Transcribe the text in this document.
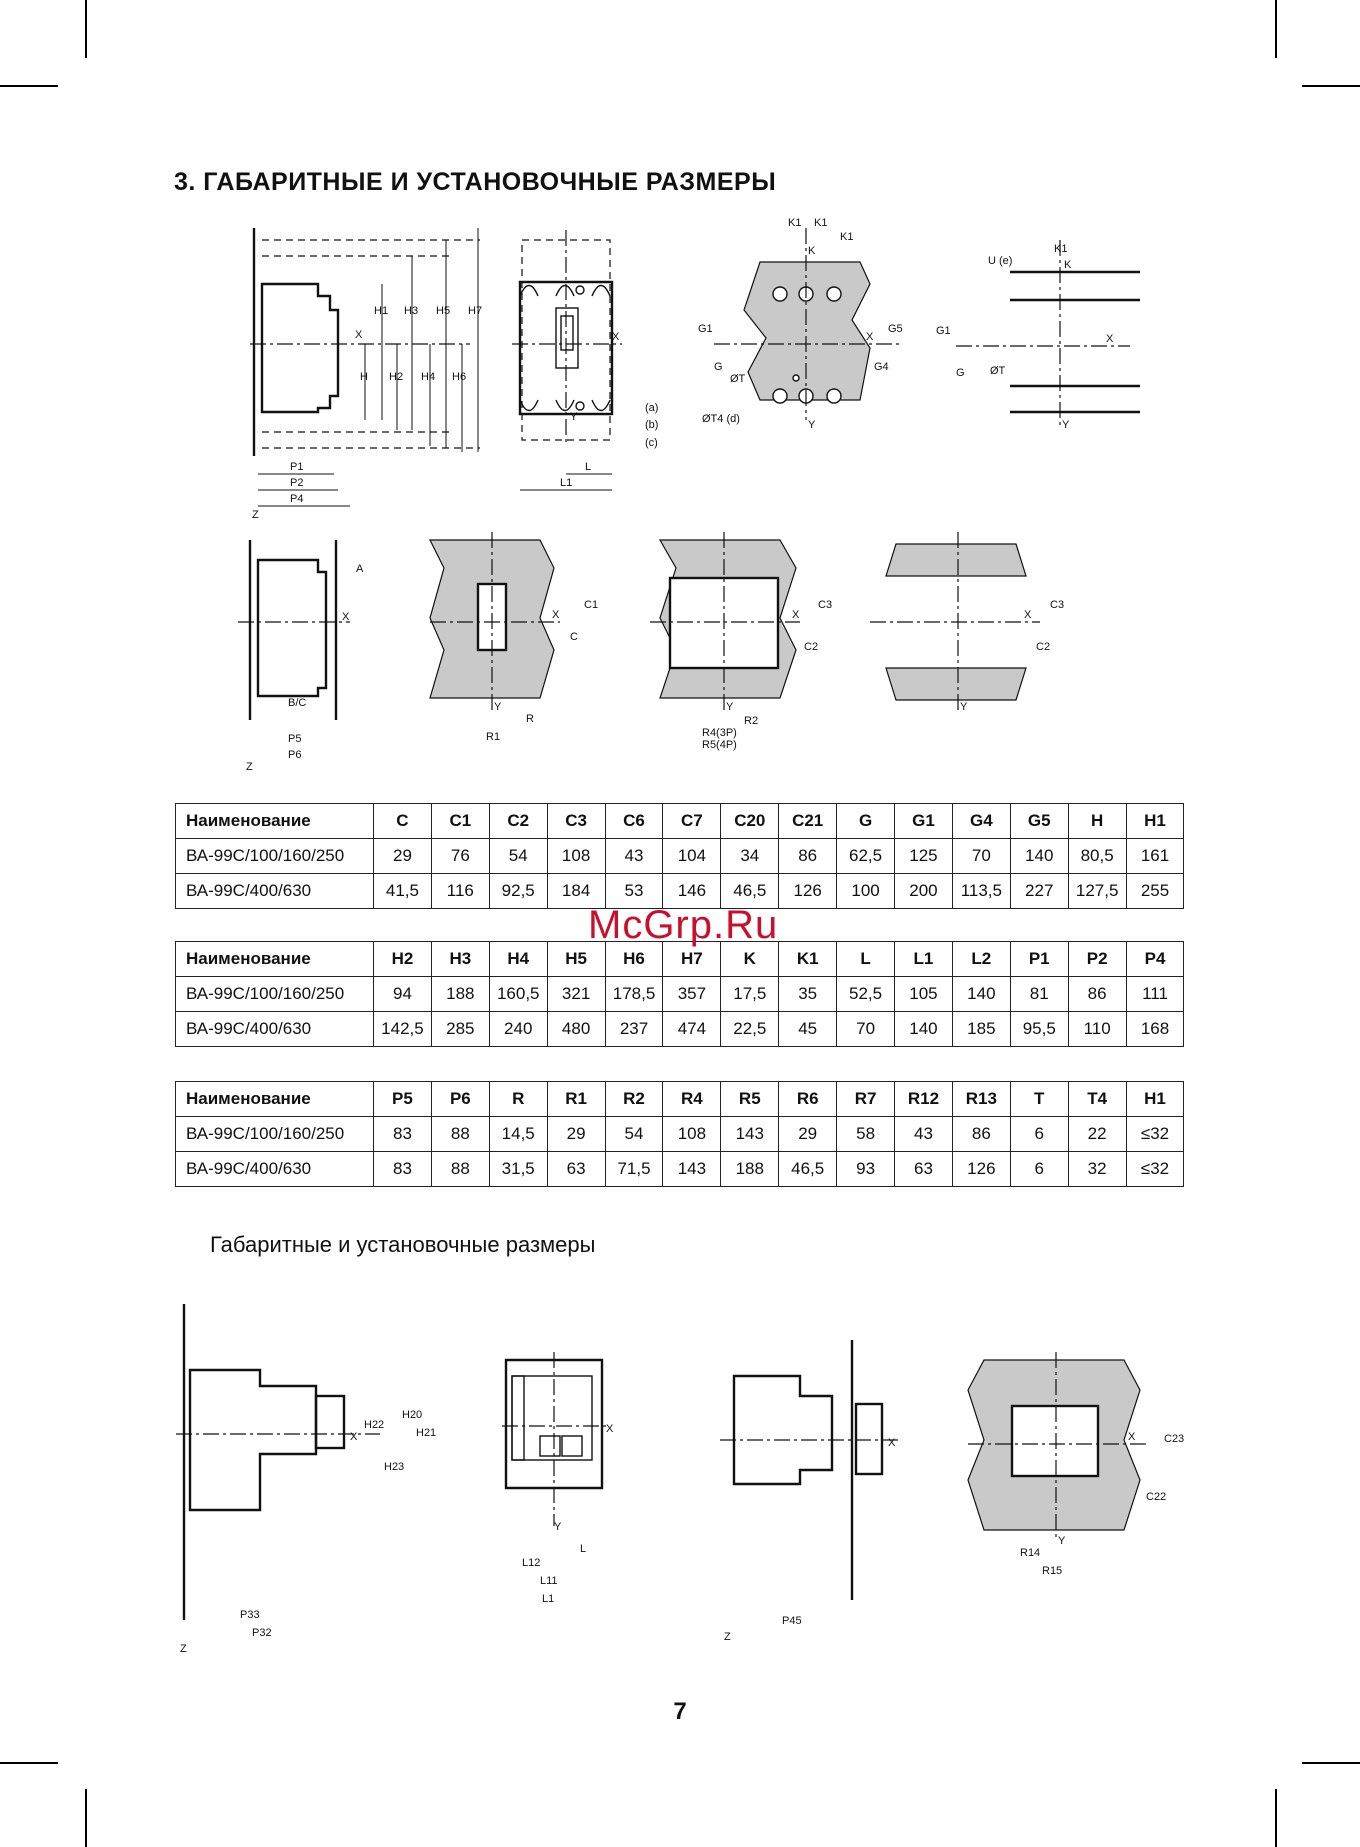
3. ГАБАРИТНЫЕ И УСТАНОВОЧНЫЕ РАЗМЕРЫ
H1 H3 H5 H7
X
H H2 H4 H6
P1
P2
P4
Z
X
Y
(a)
(b)
(c)
L
L1
K1 K1
K
K1
G1
G
G5
G4
X
ØT
ØT4 (d)	Y
K1
K
U (e)
G1
G ØT
X
Y
A
X
B/C
P5
P6
Z
X
C1
C
Y
R
R1
X
C3
C2
Y
R2
R4(3P)
R5(4P)
X
C3
C2
Y
H20
H22
H21
X
H23
P33
P32
Z
X
Y
L
L12
L11
L1
X
P45
Z
X	C23
C22
Y
R14
R15
Наименование	C	C1	C2	C3	C6	C7	C20	C21	G	G1	G4	G5	H	H1
ВА-99С/100/160/250	29	76	54	108	43	104	34	86	62,5	125	70	140	80,5	161
ВА-99С/400/630	41,5	116	92,5	184	53	146	46,5	126	100	200	113,5	227	127,5	255
Наименование	H2	H3	H4	H5	H6	H7	K	K1	L	L1	L2	P1	P2	P4
ВА-99С/100/160/250	94	188	160,5	321	178,5	357	17,5	35	52,5	105	140	81	86	111
ВА-99С/400/630	142,5	285	240	480	237	474	22,5	45	70	140	185	95,5	110	168
Наименование	P5	P6	R	R1	R2	R4	R5	R6	R7	R12	R13	T	T4	H1
ВА-99С/100/160/250	83	88	14,5	29	54	108	143	29	58	43	86	6	22	≤32
ВА-99С/400/630	83	88	31,5	63	71,5	143	188	46,5	93	63	126	6	32	≤32
McGrp.Ru
Габаритные и установочные размеры
7
